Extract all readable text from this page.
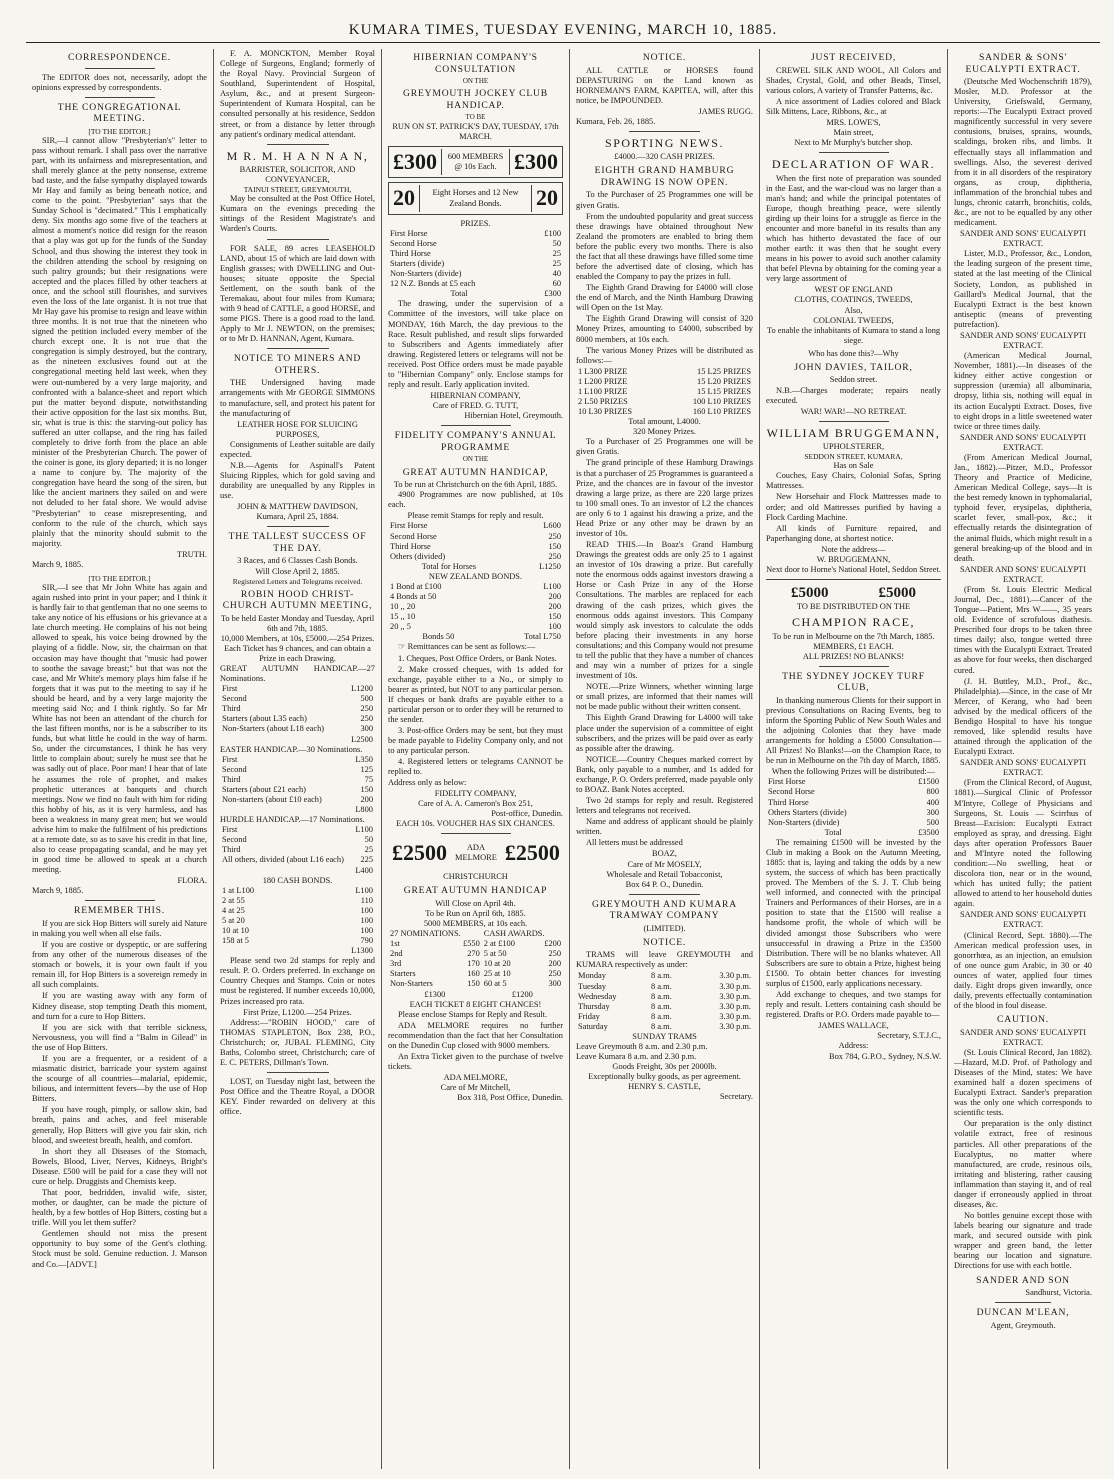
KUMARA TIMES, TUESDAY EVENING, MARCH 10, 1885.
CORRESPONDENCE.

The EDITOR does not, necessarily, adopt the opinions expressed by correspondents.

THE CONGREGATIONAL MEETING.
[TO THE EDITOR.]

SIR,—I cannot allow "Presbyterian's" letter to pass without remark. I shall pass over the narrative part, with its unfairness and misrepresentation, and shall merely glance at the petty nonsense, extreme bad taste, and the false sympathy displayed towards Mr Hay and family as being beneath notice, and come to the point. "Presbyterian" says that the Sunday School is "decimated." This I emphatically deny. Six months ago some five of the teachers at almost a moment's notice did resign for the reason that a play was got up for the funds of the Sunday School, and thus showing the interest they took in the children attending the school by resigning on such paltry grounds; but their resignations were accepted and the places filled by other teachers at once, and the school still flourishes, and survives even the loss of the late organist. It is not true that Mr Hay gave his promise to resign and leave within three months. It is not true that the nineteen who signed the petition included every member of the church except one. It is not true that the congregation is simply destroyed, but the contrary, as the nineteen exclusives found out at the congregational meeting held last week, when they were out-numbered by a very large majority, and confronted with a balance-sheet and report which put the matter beyond dispute, notwithstanding their active opposition for the last six months. But, sir, what is true is this: the starving-out policy has suffered an utter collapse, and the ring has failed completely to drive forth from the place an able minister of the Presbyterian Church. The power of the coiner is gone, its glory departed; it is no longer a name to conjure by. The majority of the congregation have heard the song of the siren, but like the ancient mariners they sailed on and were not deluded to her fatal shore. We would advise "Presbyterian" to cease misrepresenting, and conform to the rule of the church, which says plainly that the minority should submit to the majority.

TRUTH.
March 9, 1885.
[TO THE EDITOR.]

SIR,—I see that Mr John White has again and again rushed into print in your paper; and I think it is hardly fair to that gentleman that no one seems to take any notice of his effusions or his grievance at a late church meeting. He complains of his not being allowed to speak, his voice being drowned by the playing of a fiddle. Now, sir, the chairman on that occasion may have thought that "music had power to soothe the savage breast;" but that was not the case, and Mr White's memory plays him false if he forgets that it was put to the meeting to say if he should be heard, and by a very large majority the meeting said No; and I think rightly. So far Mr White has not been an attendant of the church for the last fifteen months, nor is he a subscriber to its funds, but what little he could in the way of harm. So, under the circumstances, I think he has very little to complain about; surely he must see that he was sadly out of place. Poor man! I hear that of late he assumes the role of prophet, and makes prophetic utterances at banquets and church meetings. Now we find no fault with him for riding this hobby of his, as it is very harmless, and has been a weakness in many great men; but we would advise him to make the fulfilment of his predictions at a remote date, so as to save his credit in that line, also to cease propagating scandal, and he may yet in good time be allowed to speak at a church meeting.

FLORA.
March 9, 1885.
REMEMBER THIS.

If you are sick Hop Bitters will surely aid Nature in making you well when all else fails.

If you are costive or dyspeptic, or are suffering from any other of the numerous diseases of the stomach or bowels, it is your own fault if you remain ill, for Hop Bitters is a sovereign remedy in all such complaints.

If you are wasting away with any form of Kidney disease, stop tempting Death this moment, and turn for a cure to Hop Bitters.

If you are sick with that terrible sickness, Nervousness, you will find a "Balm in Gilead" in the use of Hop Bitters.

If you are a frequenter, or a resident of a miasmatic district, barricade your system against the scourge of all countries—malarial, epidemic, bilious, and intermittent fevers—by the use of Hop Bitters.

If you have rough, pimply, or sallow skin, bad breath, pains and aches, and feel miserable generally, Hop Bitters will give you fair skin, rich blood, and sweetest breath, health, and comfort.

In short they all Diseases of the Stomach, Bowels, Blood, Liver, Nerves, Kidneys, Bright's Disease. £500 will be paid for a case they will not cure or help. Druggists and Chemists keep.

That poor, bedridden, invalid wife, sister, mother, or daughter, can be made the picture of health, by a few bottles of Hop Bitters, costing but a trifle. Will you let them suffer?

Gentlemen should not miss the present opportunity to buy some of the Gent's clothing. Stock must be sold. Genuine reduction. J. Manson and Co.—[ADVT.]

F. A. MONCKTON, Member Royal College of Surgeons, England; formerly of the Royal Navy. Provincial Surgeon of Southland, Superintendent of Hospital, Asylum, &c., and at present Surgeon-Superintendent of Kumara Hospital, can be consulted personally at his residence, Seddon street, or from a distance by letter through any patient's ordinary medical attendant.

M R. M. H A N N A N,
BARRISTER, SOLICITOR, AND CONVEYANCER,
TAINUI STREET, GREYMOUTH,

May be consulted at the Post Office Hotel, Kumara on the evenings preceding the sittings of the Resident Magistrate's and Warden's Courts.

FOR SALE, 89 acres LEASEHOLD LAND, about 15 of which are laid down with English grasses; with DWELLING and Out-houses; situate opposite the Special Settlement, on the south bank of the Teremakau, about four miles from Kumara; with 9 head of CATTLE, a good HORSE, and some PIGS. There is a good road to the land. Apply to Mr J. NEWTON, on the premises; or to Mr D. HANNAN, Agent, Kumara.

NOTICE TO MINERS AND OTHERS.

THE Undersigned having made arrangements with Mr GEORGE SIMMONS to manufacture, sell, and protect his patent for the manufacturing of

LEATHER HOSE FOR SLUICING PURPOSES,

Consignments of Leather suitable are daily expected.

N.B.—Agents for Aspinall's Patent Sluicing Ripples, which for gold saving and durability are unequalled by any Ripples in use.

JOHN & MATTHEW DAVIDSON,
Kumara, April 25, 1884.
THE TALLEST SUCCESS OF THE DAY.
3 Races, and 6 Classes Cash Bonds.
Will Close April 2, 1885.
Registered Letters and Telegrams received.
ROBIN HOOD CHRIST-CHURCH AUTUMN MEETING,
To be held Easter Monday and Tuesday, April 6th and 7th, 1885.
10,000 Members, at 10s, £5000.—254 Prizes.
Each Ticket has 9 chances, and can obtain a Prize in each Drawing.
GREAT AUTUMN HANDICAP.—27 Nominations.
First	L1200
Second	500
Third	250
Starters (about L35 each)	250
Non-Starters (about L18 each)	300
	L2500
EASTER HANDICAP.—30 Nominations.
First	L350
Second	125
Third	75
Starters (about £21 each)	150
Non-starters (about £10 each)	200
	L800
HURDLE HANDICAP.—17 Nominations.
First	L100
Second	50
Third	25
All others, divided (about L16 each)	225
	L400
180 CASH BONDS.
1 at L100	L100
2 at 55	110
4 at 25	100
5 at 20	100
10 at 10	100
158 at 5	790
	L1300

Please send two 2d stamps for reply and result. P. O. Orders preferred. In exchange on Country Cheques and Stamps. Coin or notes must be registered. If number exceeds 10,000, Prizes increased pro rata.

First Prize, L1200.—254 Prizes.

Address:—"ROBIN HOOD," care of THOMAS STAPLETON, Box 238, P.O., Christchurch; or, JUBAL FLEMING, City Baths, Colombo street, Christchurch; care of E. C. PETERS, Dillman's Town.

LOST, on Tuesday night last, between the Post Office and the Theatre Royal, a DOOR KEY. Finder rewarded on delivery at this office.

HIBERNIAN COMPANY'S CONSULTATION
ON THE
GREYMOUTH JOCKEY CLUB HANDICAP.
TO BE
RUN ON ST. PATRICK'S DAY, TUESDAY, 17th MARCH.
£300	600 MEMBERS @ 10s Each. £300
20	Eight Horses and 12 New Zealand Bonds.	20
PRIZES.
First Horse	£100
Second Horse	50
Third Horse	25
Starters (divide)	25
Non-Starters (divide)	40
12 N.Z. Bonds at £5 each	60
Total	£300

The drawing, under the supervision of a Committee of the investors, will take place on MONDAY, 16th March, the day previous to the Race. Result published, and result slips forwarded to Subscribers and Agents immediately after drawing. Registered letters or telegrams will not be received. Post Office orders must be made payable to "Hibernian Company" only. Enclose stamps for reply and result. Early application invited.

HIBERNIAN COMPANY,
Care of FRED. G. TUTT,
Hibernian Hotel, Greymouth.
FIDELITY COMPANY'S ANNUAL PROGRAMME
ON THE
GREAT AUTUMN HANDICAP,
To be run at Christchurch on the 6th April, 1885.

4900 Programmes are now published, at 10s each.

Please remit Stamps for reply and result.
First Horse	L600
Second Horse	250
Third Horse	150
Others (divided)	250
Total for Horses	L1250
NEW ZEALAND BONDS.
1 Bond at £100	L100
4 Bonds at 50	200
10 ,, 20	200
15 ,, 10	150
20 ,, 5	100
Bonds 50	Total L750

☞ Remittances can be sent as follows:—

1. Cheques, Post Office Orders, or Bank Notes.

2. Make crossed cheques, with 1s added for exchange, payable either to a No., or simply to bearer as printed, but NOT to any particular person. If cheques or bank drafts are payable either to a particular person or to order they will be returned to the sender.

3. Post-office Orders may be sent, but they must be made payable to Fidelity Company only, and not to any particular person.

4. Registered letters or telegrams CANNOT be replied to.

Address only as below:
FIDELITY COMPANY,
Care of A. A. Cameron's Box 251,
Post-office, Dunedin.
EACH 10s. VOUCHER HAS SIX CHANCES.
£2500	ADA MELMORE £2500
CHRISTCHURCH
GREAT AUTUMN HANDICAP
Will Close on April 4th.
To be Run on April 6th, 1885.
5000 MEMBERS, at 10s each.
27 NOMINATIONS.		CASH AWARDS.	
1st	£550	2 at £100	£200
2nd	270	5 at 50	250
3rd	170	10 at 20	200
Starters	160	25 at 10	250
Non-Starters	150	60 at 5	300
£1300		£1200	
EACH TICKET 8 EIGHT CHANCES!

Please enclose Stamps for Reply and Result.

ADA MELMORE requires no further recommendation than the fact that her Consultation on the Dunedin Cup closed with 9000 members.

An Extra Ticket given to the purchase of twelve tickets.

ADA MELMORE,
Care of Mr Mitchell,
Box 318, Post Office, Dunedin.
NOTICE.

ALL CATTLE or HORSES found DEPASTURING on the Land known as HORNEMAN'S FARM, KAPITEA, will, after this notice, be IMPOUNDED.

JAMES RUGG.
Kumara, Feb. 26, 1885.
SPORTING NEWS.
£4000.—320 CASH PRIZES.
EIGHTH GRAND HAMBURG DRAWING IS NOW OPEN.

To the Purchaser of 25 Programmes one will be given Gratis.

From the undoubted popularity and great success these drawings have obtained throughout New Zealand the promoters are enabled to bring them before the public every two months. There is also the fact that all these drawings have filled some time before the advertised date of closing, which has enabled the Company to pay the prizes in full.

The Eighth Grand Drawing for £4000 will close the end of March, and the Ninth Hamburg Drawing will Open on the 1st May.

The Eighth Grand Drawing will consist of 320 Money Prizes, amounting to £4000, subscribed by 8000 members, at 10s each.

The various Money Prizes will be distributed as follows:—

1 L300 PRIZE	15 L25 PRIZES
1 L200 PRIZE	15 L20 PRIZES
1 L100 PRIZE	15 L15 PRIZES
2 L50 PRIZES	100 L10 PRIZES
10 L30 PRIZES	160 L10 PRIZES
Total amount, L4000.
320 Money Prizes.

To a Purchaser of 25 Programmes one will be given Gratis.

The grand principle of these Hamburg Drawings is that a purchaser of 25 Programmes is guaranteed a Prize, and the chances are in favour of the investor drawing a large prize, as there are 220 large prizes to 100 small ones. To an investor of L2 the chances are only 6 to 1 against his drawing a prize, and the Head Prize or any other may be drawn by an investor of 10s.

READ THIS.—In Boaz's Grand Hamburg Drawings the greatest odds are only 25 to 1 against an investor of 10s drawing a prize. But carefully note the enormous odds against investors drawing a Horse or Cash Prize in any of the Horse Consultations. The marbles are replaced for each drawing of the cash prizes, which gives the enormous odds against investors. This Company would simply ask investors to calculate the odds before placing their investments in any horse consultations; and this Company would not presume to tell the public that they have a number of chances and may win a number of prizes for a single investment of 10s.

NOTE.—Prize Winners, whether winning large or small prizes, are informed that their names will not be made public without their written consent.

This Eighth Grand Drawing for L4000 will take place under the supervision of a committee of eight subscribers, and the prizes will be paid over as early as possible after the drawing.

NOTICE.—Country Cheques marked correct by Bank, only payable to a number, and 1s added for exchange, P. O. Orders preferred, made payable only to BOAZ. Bank Notes accepted.

Two 2d stamps for reply and result. Registered letters and telegrams not received.

Name and address of applicant should be plainly written.

All letters must be addressed

BOAZ,
Care of Mr MOSELY,
Wholesale and Retail Tobacconist,
Box 64 P. O., Dunedin.
GREYMOUTH AND KUMARA TRAMWAY COMPANY
(LIMITED).
NOTICE.

TRAMS will leave GREYMOUTH and KUMARA respectively as under:

Monday	8 a.m.	3.30 p.m.
Tuesday	8 a.m.	3.30 p.m.
Wednesday	8 a.m.	3.30 p.m.
Thursday	8 a.m.	3.30 p.m.
Friday	8 a.m.	3.30 p.m.
Saturday	8 a.m.	3.30 p.m.
SUNDAY TRAMS
Leave Greymouth 8 a.m. and 2.30 p.m.
Leave Kumara 8 a.m. and 2.30 p.m.
Goods Freight, 30s per 2000lb.
Exceptionally bulky goods, as per agreement.
HENRY S. CASTLE,
Secretary.
JUST RECEIVED,

CREWEL SILK AND WOOL, All Colors and Shades, Crystal, Gold, and other Beads, Tinsel, various colors, A variety of Transfer Patterns, &c.

A nice assortment of Ladies colored and Black Silk Mittens, Lace, Ribbons, &c., at

MRS. LOWE'S,
Main street,
Next to Mr Murphy's butcher shop.
DECLARATION OF WAR.

When the first note of preparation was sounded in the East, and the war-cloud was no larger than a man's hand; and while the principal potentates of Europe, though breathing peace, were silently girding up their loins for a struggle as fierce in the encounter and more baneful in its results than any which has hitherto devastated the face of our mother earth: it was then that he sought every means in his power to avoid such another calamity that befel Plevna by obtaining for the coming year a very large assortment of

WEST OF ENGLAND
CLOTHS, COATINGS, TWEEDS,
Also,
COLONIAL TWEEDS,
To enable the inhabitants of Kumara to stand a long siege.
Who has done this?—Why
JOHN DAVIES, TAILOR,
Seddon street.

N.B.—Charges moderate; repairs neatly executed.

WAR! WAR!—NO RETREAT.
WILLIAM BRUGGEMANN,
UPHOLSTERER,
SEDDON STREET, KUMARA,
Has on Sale

Couches, Easy Chairs, Colonial Sofas, Spring Mattresses.

New Horsehair and Flock Mattresses made to order; and old Mattresses purified by having a Flock Carding Machine.

All kinds of Furniture repaired, and Paperhanging done, at shortest notice.

Note the address—
W. BRUGGEMANN,
Next door to Horne's National Hotel, Seddon Street.
£5000	£5000
TO BE DISTRIBUTED ON THE
CHAMPION RACE,
To be run in Melbourne on the 7th March, 1885.
MEMBERS, £1 EACH.
ALL PRIZES! NO BLANKS!
THE SYDNEY JOCKEY TURF CLUB,

In thanking numerous Clients for their support in previous Consultations on Racing Events, beg to inform the Sporting Public of New South Wales and the adjoining Colonies that they have made arrangements for holding a £5000 Consultation—All Prizes! No Blanks!—on the Champion Race, to be run in Melbourne on the 7th day of March, 1885.

When the following Prizes will be distributed:—
First Horse	£1500
Second Horse	800
Third Horse	400
Others Starters (divide)	300
Non-Starters (divide)	500
Total	£3500

The remaining £1500 will be invested by the Club in making a Book on the Autumn Meeting, 1885: that is, laying and taking the odds by a new system, the success of which has been practically proved. The Members of the S. J. T. Club being well informed, and connected with the principal Trainers and Performances of their Horses, are in a position to state that the £1500 will realise a handsome profit, the whole of which will be divided amongst those Subscribers who were unsuccessful in drawing a Prize in the £3500 Distribution. There will be no blanks whatever. All Subscribers are sure to obtain a Prize, highest being £1500. To obtain better chances for investing surplus of £1500, early applications necessary.

Add exchange to cheques, and two stamps for reply and result. Letters containing cash should be registered. Drafts or P.O. Orders made payable to—

JAMES WALLACE,
Secretary, S.T.J.C.,
Address:
Box 784, G.P.O., Sydney, N.S.W.
SANDER & SONS' EUCALYPTI EXTRACT.

(Deutsche Med Wochenschrift 1879), Mosler, M.D. Professor at the University, Griefswald, Germany, reports:—The Eucalypti Extract proved magnificently successful in very severe contusions, bruises, sprains, wounds, scaldings, broken ribs, and limbs. It effectually stays all inflammation and swellings. Also, the severest derived from it in all disorders of the respiratory organs, as croup, diphtheria, inflammation of the bronchial tubes and lungs, chronic catarrh, bronchitis, colds, &c., are not to be equalled by any other medicament.

SANDER AND SONS' EUCALYPTI EXTRACT.

Lister, M.D., Professor, &c., London, the leading surgeon of the present time, stated at the last meeting of the Clinical Society, London, as published in Gaillard's Medical Journal, that the Eucalypti Extract is the best known antiseptic (means of preventing putrefaction).

SANDER AND SONS' EUCALYPTI EXTRACT.

(American Medical Journal, November, 1881).—In diseases of the kidney either active congestion or suppression (uræmia) all albuminaria, dropsy, lithia sis, nothing will equal in its action Eucalypti Extract. Doses, five to eight drops in a little sweetened water twice or three times daily.

SANDER AND SONS' EUCALYPTI EXTRACT.

(From American Medical Journal, Jan., 1882).—Pitzer, M.D., Professor Theory and Practice of Medicine, American Medical College, says—It is the best remedy known in typhomalarial, typhoid fever, erysipelas, diphtheria, scarlet fever, small-pox, &c.; it effectually retards the disintegration of the animal fluids, which might result in a general breaking-up of the blood and in death.

SANDER AND SONS' EUCALYPTI EXTRACT.

(From St. Louis Electric Medical Journal, Dec., 1881).—Cancer of the Tongue—Patient, Mrs W——, 35 years old. Evidence of scrofulous diathesis. Prescribed four drops to be taken three times daily; also, tongue wetted three times with the Eucalypti Extract. Treated as above for four weeks, then discharged cured.

(J. H. Buttley, M.D., Prof., &c., Philadelphia).—Since, in the case of Mr Mercer, of Kerang, who had been advised by the medical officers of the Bendigo Hospital to have his tongue removed, like splendid results have attained through the application of the Eucalypti Extract.

SANDER AND SONS' EUCALYPTI EXTRACT.

(From the Clinical Record, of August, 1881).—Surgical Clinic of Professor M'Intyre, College of Physicians and Surgeons, St. Louis — Scirrhus of Breast—Excision: Eucalypti Extract employed as spray, and dressing. Eight days after operation Professors Bauer and M'Intyre noted the following condition:—No swelling, heat or discolora tion, near or in the wound, which has united fully; the patient allowed to attend to her household duties again.

SANDER AND SONS' EUCALYPTI EXTRACT.

(Clinical Record, Sept. 1880).—The American medical profession uses, in gonorrhœa, as an injection, an emulsion of one ounce gum Arabic, in 30 or 40 ounces of water, applied four times daily. Eight drops given inwardly, once daily, prevents effectually contamination of the blood in foul disease.

CAUTION.
SANDER AND SONS' EUCALYPTI EXTRACT.

(St. Louis Clinical Record, Jan 1882).—Hazard, M.D. Prof. of Pathology and Diseases of the Mind, states: We have examined half a dozen specimens of Eucalypti Extract. Sander's preparation was the only one which corresponds to scientific tests.

Our preparation is the only distinct volatile extract, free of resinous particles. All other preparations of the Eucalyptus, no matter where manufactured, are crude, resinous oils, irritating and blistering, rather causing inflammation than staying it, and of real danger if erroneously applied in throat diseases, &c.

No bottles genuine except those with labels bearing our signature and trade mark, and secured outside with pink wrapper and green band, the letter bearing our location and signature. Directions for use with each bottle.

SANDER AND SON
Sandhurst, Victoria.
DUNCAN M'LEAN,
Agent, Greymouth.
